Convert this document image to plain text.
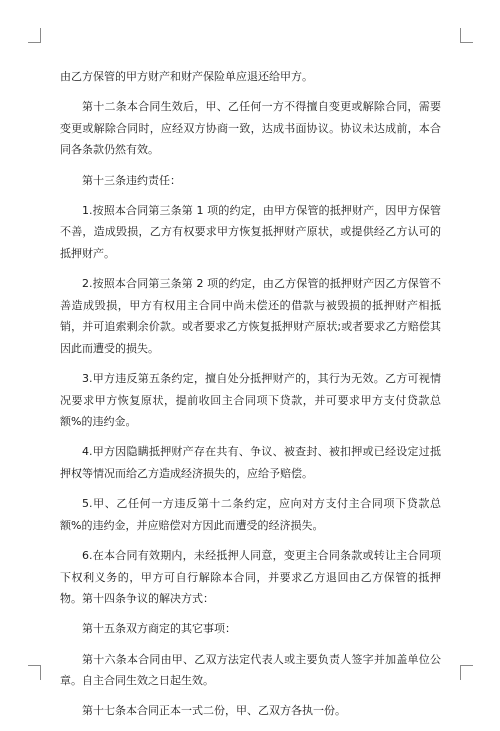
由乙方保管的甲方财产和财产保险单应退还给甲方。

第十二条本合同生效后，甲、乙任何一方不得擅自变更或解除合同，需要变更或解除合同时，应经双方协商一致，达成书面协议。协议未达成前，本合同各条款仍然有效。

第十三条违约责任：

1.按照本合同第三条第 1 项的约定，由甲方保管的抵押财产，因甲方保管不善，造成毁损，乙方有权要求甲方恢复抵押财产原状，或提供经乙方认可的抵押财产。

2.按照本合同第三条第 2 项的约定，由乙方保管的抵押财产因乙方保管不善造成毁损，甲方有权用主合同中尚未偿还的借款与被毁损的抵押财产相抵销，并可追索剩余价款。或者要求乙方恢复抵押财产原状;或者要求乙方赔偿其因此而遭受的损失。

3.甲方违反第五条约定，擅自处分抵押财产的，其行为无效。乙方可视情况要求甲方恢复原状，提前收回主合同项下贷款，并可要求甲方支付贷款总额%的违约金。

4.甲方因隐瞒抵押财产存在共有、争议、被查封、被扣押或已经设定过抵押权等情况而给乙方造成经济损失的，应给予赔偿。

5.甲、乙任何一方违反第十二条约定，应向对方支付主合同项下贷款总额%的违约金，并应赔偿对方因此而遭受的经济损失。

6.在本合同有效期内，未经抵押人同意，变更主合同条款或转让主合同项下权利义务的，甲方可自行解除本合同，并要求乙方退回由乙方保管的抵押物。第十四条争议的解决方式：

第十五条双方商定的其它事项：

第十六条本合同由甲、乙双方法定代表人或主要负责人签字并加盖单位公章。自主合同生效之日起生效。

第十七条本合同正本一式二份，甲、乙双方各执一份。
